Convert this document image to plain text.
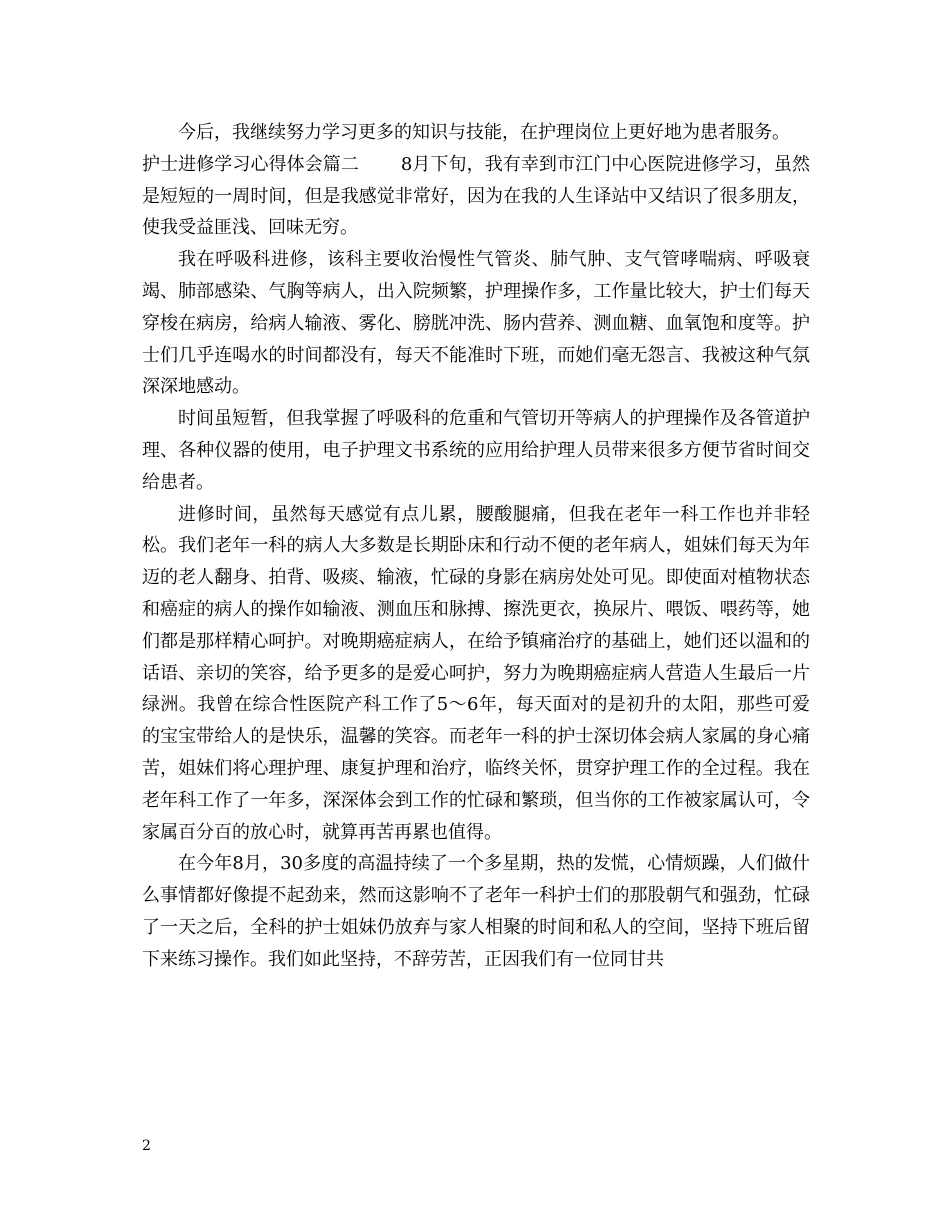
今后，我继续努力学习更多的知识与技能，在护理岗位上更好地为患者服务。

护士进修学习心得体会篇二　　 8月下旬，我有幸到市江门中心医院进修学习，虽然是短短的一周时间，但是我感觉非常好，因为在我的人生译站中又结识了很多朋友，使我受益匪浅、回味无穷。

我在呼吸科进修，该科主要收治慢性气管炎、肺气肿、支气管哮喘病、呼吸衰竭、肺部感染、气胸等病人，出入院频繁，护理操作多，工作量比较大，护士们每天穿梭在病房，给病人输液、雾化、膀胱冲洗、肠内营养、测血糖、血氧饱和度等。护士们几乎连喝水的时间都没有，每天不能准时下班，而她们毫无怨言、我被这种气氛深深地感动。

时间虽短暂，但我掌握了呼吸科的危重和气管切开等病人的护理操作及各管道护理、各种仪器的使用，电子护理文书系统的应用给护理人员带来很多方便节省时间交给患者。

进修时间，虽然每天感觉有点儿累，腰酸腿痛，但我在老年一科工作也并非轻松。我们老年一科的病人大多数是长期卧床和行动不便的老年病人，姐妹们每天为年迈的老人翻身、拍背、吸痰、输液，忙碌的身影在病房处处可见。即使面对植物状态和癌症的病人的操作如输液、测血压和脉搏、擦洗更衣，换尿片、喂饭、喂药等，她们都是那样精心呵护。对晚期癌症病人，在给予镇痛治疗的基础上，她们还以温和的话语、亲切的笑容，给予更多的是爱心呵护，努力为晚期癌症病人营造人生最后一片绿洲。我曾在综合性医院产科工作了5～6年，每天面对的是初升的太阳，那些可爱的宝宝带给人的是快乐，温馨的笑容。而老年一科的护士深切体会病人家属的身心痛苦，姐妹们将心理护理、康复护理和治疗，临终关怀，贯穿护理工作的全过程。我在老年科工作了一年多，深深体会到工作的忙碌和繁琐，但当你的工作被家属认可，令家属百分百的放心时，就算再苦再累也值得。

在今年8月，30多度的高温持续了一个多星期，热的发慌，心情烦躁，人们做什么事情都好像提不起劲来，然而这影响不了老年一科护士们的那股朝气和强劲，忙碌了一天之后，全科的护士姐妹仍放弃与家人相聚的时间和私人的空间，坚持下班后留下来练习操作。我们如此坚持，不辞劳苦，正因我们有一位同甘共

2
